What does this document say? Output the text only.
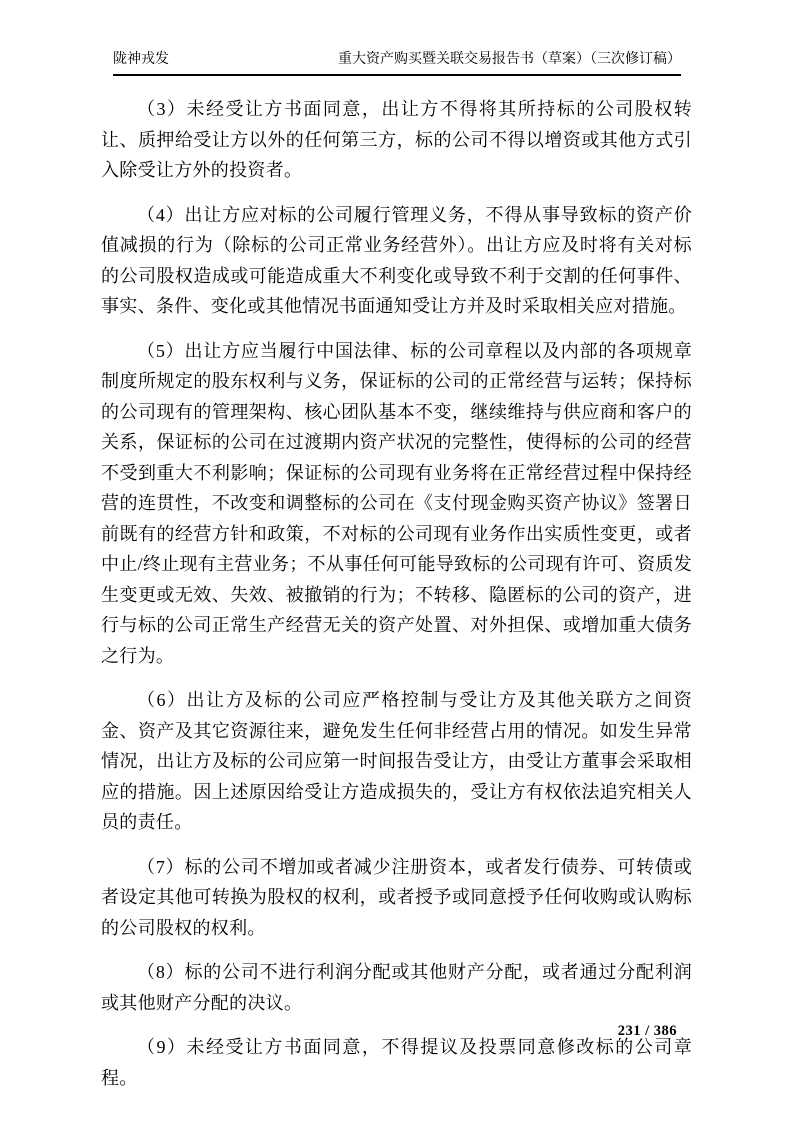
陇神戎发	重大资产购买暨关联交易报告书（草案）（三次修订稿）

（3）未经受让方书面同意，出让方不得将其所持标的公司股权转让、质押给受让方以外的任何第三方，标的公司不得以增资或其他方式引入除受让方外的投资者。

（4）出让方应对标的公司履行管理义务，不得从事导致标的资产价值减损的行为（除标的公司正常业务经营外）。出让方应及时将有关对标的公司股权造成或可能造成重大不利变化或导致不利于交割的任何事件、事实、条件、变化或其他情况书面通知受让方并及时采取相关应对措施。

（5）出让方应当履行中国法律、标的公司章程以及内部的各项规章制度所规定的股东权利与义务，保证标的公司的正常经营与运转；保持标的公司现有的管理架构、核心团队基本不变，继续维持与供应商和客户的关系，保证标的公司在过渡期内资产状况的完整性，使得标的公司的经营不受到重大不利影响；保证标的公司现有业务将在正常经营过程中保持经营的连贯性，不改变和调整标的公司在《支付现金购买资产协议》签署日前既有的经营方针和政策，不对标的公司现有业务作出实质性变更，或者中止/终止现有主营业务；不从事任何可能导致标的公司现有许可、资质发生变更或无效、失效、被撤销的行为；不转移、隐匿标的公司的资产，进行与标的公司正常生产经营无关的资产处置、对外担保、或增加重大债务之行为。

（6）出让方及标的公司应严格控制与受让方及其他关联方之间资金、资产及其它资源往来，避免发生任何非经营占用的情况。如发生异常情况，出让方及标的公司应第一时间报告受让方，由受让方董事会采取相应的措施。因上述原因给受让方造成损失的，受让方有权依法追究相关人员的责任。

（7）标的公司不增加或者减少注册资本，或者发行债券、可转债或者设定其他可转换为股权的权利，或者授予或同意授予任何收购或认购标的公司股权的权利。

（8）标的公司不进行利润分配或其他财产分配，或者通过分配利润或其他财产分配的决议。

（9）未经受让方书面同意，不得提议及投票同意修改标的公司章程。

231 / 386
